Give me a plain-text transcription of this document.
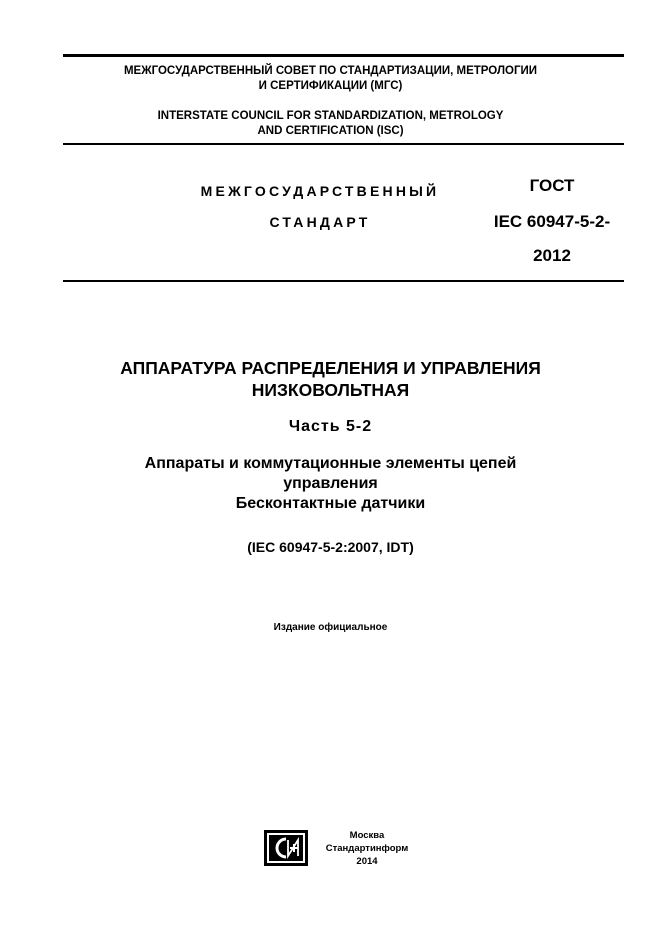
МЕЖГОСУДАРСТВЕННЫЙ СОВЕТ ПО СТАНДАРТИЗАЦИИ, МЕТРОЛОГИИ
И СЕРТИФИКАЦИИ (МГС)
INTERSTATE COUNCIL FOR STANDARDIZATION, METROLOGY
AND CERTIFICATION (ISC)
МЕЖГОСУДАРСТВЕННЫЙ
СТАНДАРТ
ГОСТ
IEC 60947-5-2-
2012
АППАРАТУРА РАСПРЕДЕЛЕНИЯ И УПРАВЛЕНИЯ
НИЗКОВОЛЬТНАЯ
Часть 5-2
Аппараты и коммутационные элементы цепей
управления
Бесконтактные датчики
(IEC 60947-5-2:2007, IDT)
Издание официальное
Москва
Стандартинформ
2014
